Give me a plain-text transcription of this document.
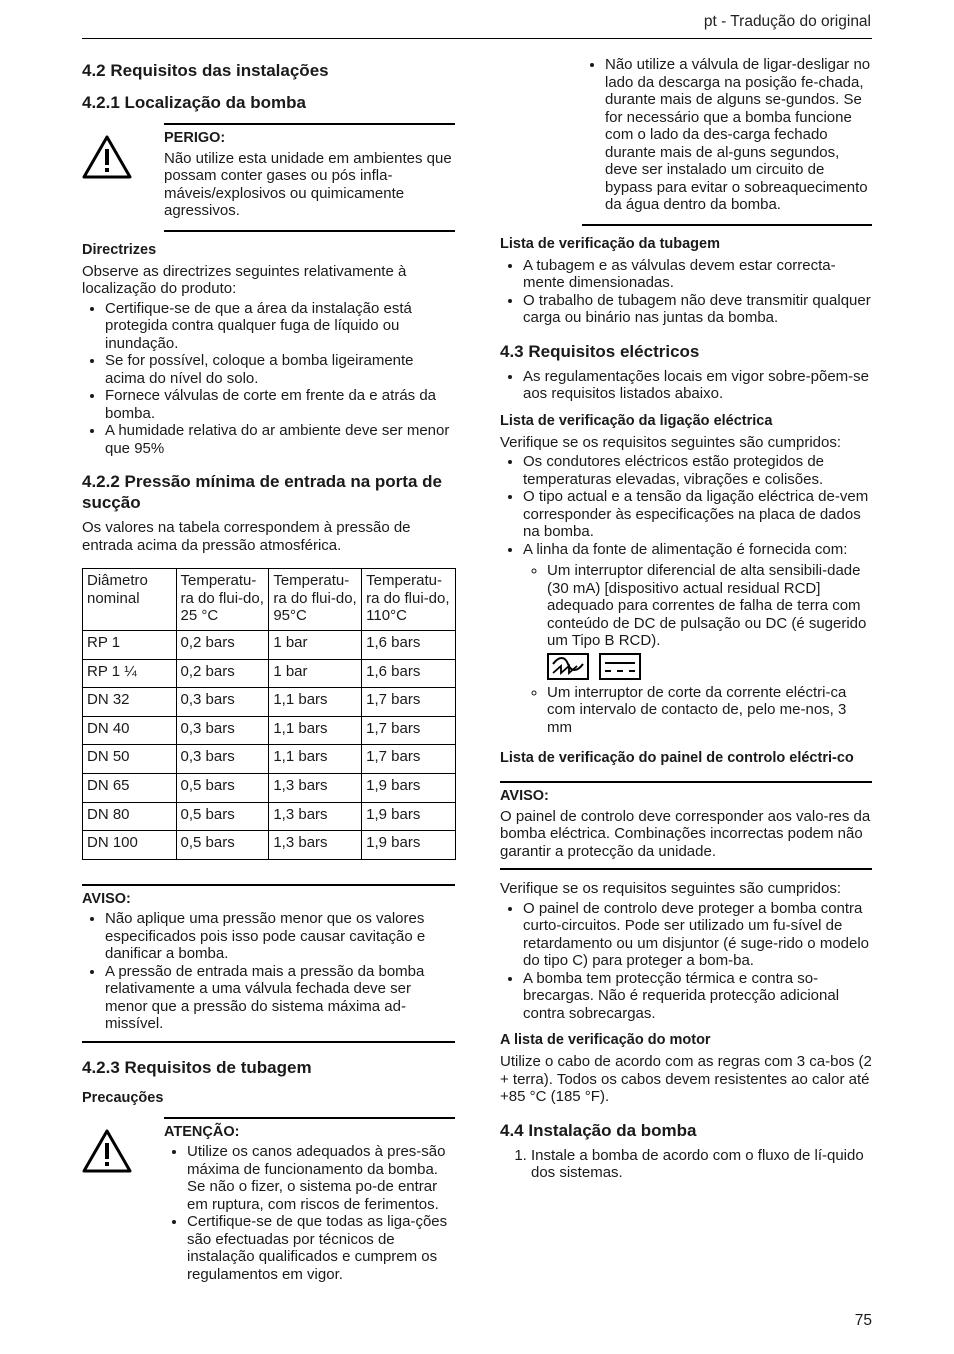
pt - Tradução do original
4.2 Requisitos das instalações
4.2.1 Localização da bomba
PERIGO:

Não utilize esta unidade em ambientes que possam conter gases ou pós infla-máveis/explosivos ou quimicamente agressivos.

Directrizes

Observe as directrizes seguintes relativamente à localização do produto:

• Certifique-se de que a área da instalação está protegida contra qualquer fuga de líquido ou inundação.
• Se for possível, coloque a bomba ligeiramente acima do nível do solo.
• Fornece válvulas de corte em frente da e atrás da bomba.
• A humidade relativa do ar ambiente deve ser menor que 95%
4.2.2 Pressão mínima de entrada na porta de sucção

Os valores na tabela correspondem à pressão de entrada acima da pressão atmosférica.

Diâmetro nominal	Temperatu-ra do flui-do, 25 °C	Temperatu-ra do flui-do, 95°C	Temperatu-ra do flui-do, 110°C
RP 1	0,2 bars	1 bar	1,6 bars
RP 1 ¼	0,2 bars	1 bar	1,6 bars
DN 32	0,3 bars	1,1 bars	1,7 bars
DN 40	0,3 bars	1,1 bars	1,7 bars
DN 50	0,3 bars	1,1 bars	1,7 bars
DN 65	0,5 bars	1,3 bars	1,9 bars
DN 80	0,5 bars	1,3 bars	1,9 bars
DN 100	0,5 bars	1,3 bars	1,9 bars
AVISO:
• Não aplique uma pressão menor que os valores especificados pois isso pode causar cavitação e danificar a bomba.
• A pressão de entrada mais a pressão da bomba relativamente a uma válvula fechada deve ser menor que a pressão do sistema máxima ad-missível.
4.2.3 Requisitos de tubagem
Precauções
ATENÇÃO:
• Utilize os canos adequados à pres-são máxima de funcionamento da bomba. Se não o fizer, o sistema po-de entrar em ruptura, com riscos de ferimentos.
• Certifique-se de que todas as liga-ções são efectuadas por técnicos de instalação qualificados e cumprem os regulamentos em vigor.
• Não utilize a válvula de ligar-desligar no lado da descarga na posição fe-chada, durante mais de alguns se-gundos. Se for necessário que a bomba funcione com o lado da des-carga fechado durante mais de al-guns segundos, deve ser instalado um circuito de bypass para evitar o sobreaquecimento da água dentro da bomba.
Lista de verificação da tubagem
• A tubagem e as válvulas devem estar correcta-mente dimensionadas.
• O trabalho de tubagem não deve transmitir qualquer carga ou binário nas juntas da bomba.
4.3 Requisitos eléctricos
• As regulamentações locais em vigor sobre-põem-se aos requisitos listados abaixo.
Lista de verificação da ligação eléctrica

Verifique se os requisitos seguintes são cumpridos:

• Os condutores eléctricos estão protegidos de temperaturas elevadas, vibrações e colisões.
• O tipo actual e a tensão da ligação eléctrica de-vem corresponder às especificações na placa de dados na bomba.
• A linha da fonte de alimentação é fornecida com:
◦ Um interruptor diferencial de alta sensibili-dade (30 mA) [dispositivo actual residual RCD] adequado para correntes de falha de terra com conteúdo de DC de pulsação ou DC (é sugerido um Tipo B RCD).
◦ Um interruptor de corte da corrente eléctri-ca com intervalo de contacto de, pelo me-nos, 3 mm
Lista de verificação do painel de controlo eléctri-co
AVISO:

O painel de controlo deve corresponder aos valo-res da bomba eléctrica. Combinações incorrectas podem não garantir a protecção da unidade.

Verifique se os requisitos seguintes são cumpridos:

• O painel de controlo deve proteger a bomba contra curto-circuitos. Pode ser utilizado um fu-sível de retardamento ou um disjuntor (é suge-rido o modelo do tipo C) para proteger a bom-ba.
• A bomba tem protecção térmica e contra so-brecargas. Não é requerida protecção adicional contra sobrecargas.
A lista de verificação do motor

Utilize o cabo de acordo com as regras com 3 ca-bos (2 + terra). Todos os cabos devem resistentes ao calor até +85 °C (185 °F).

4.4 Instalação da bomba
1. Instale a bomba de acordo com o fluxo de lí-quido dos sistemas.
75
